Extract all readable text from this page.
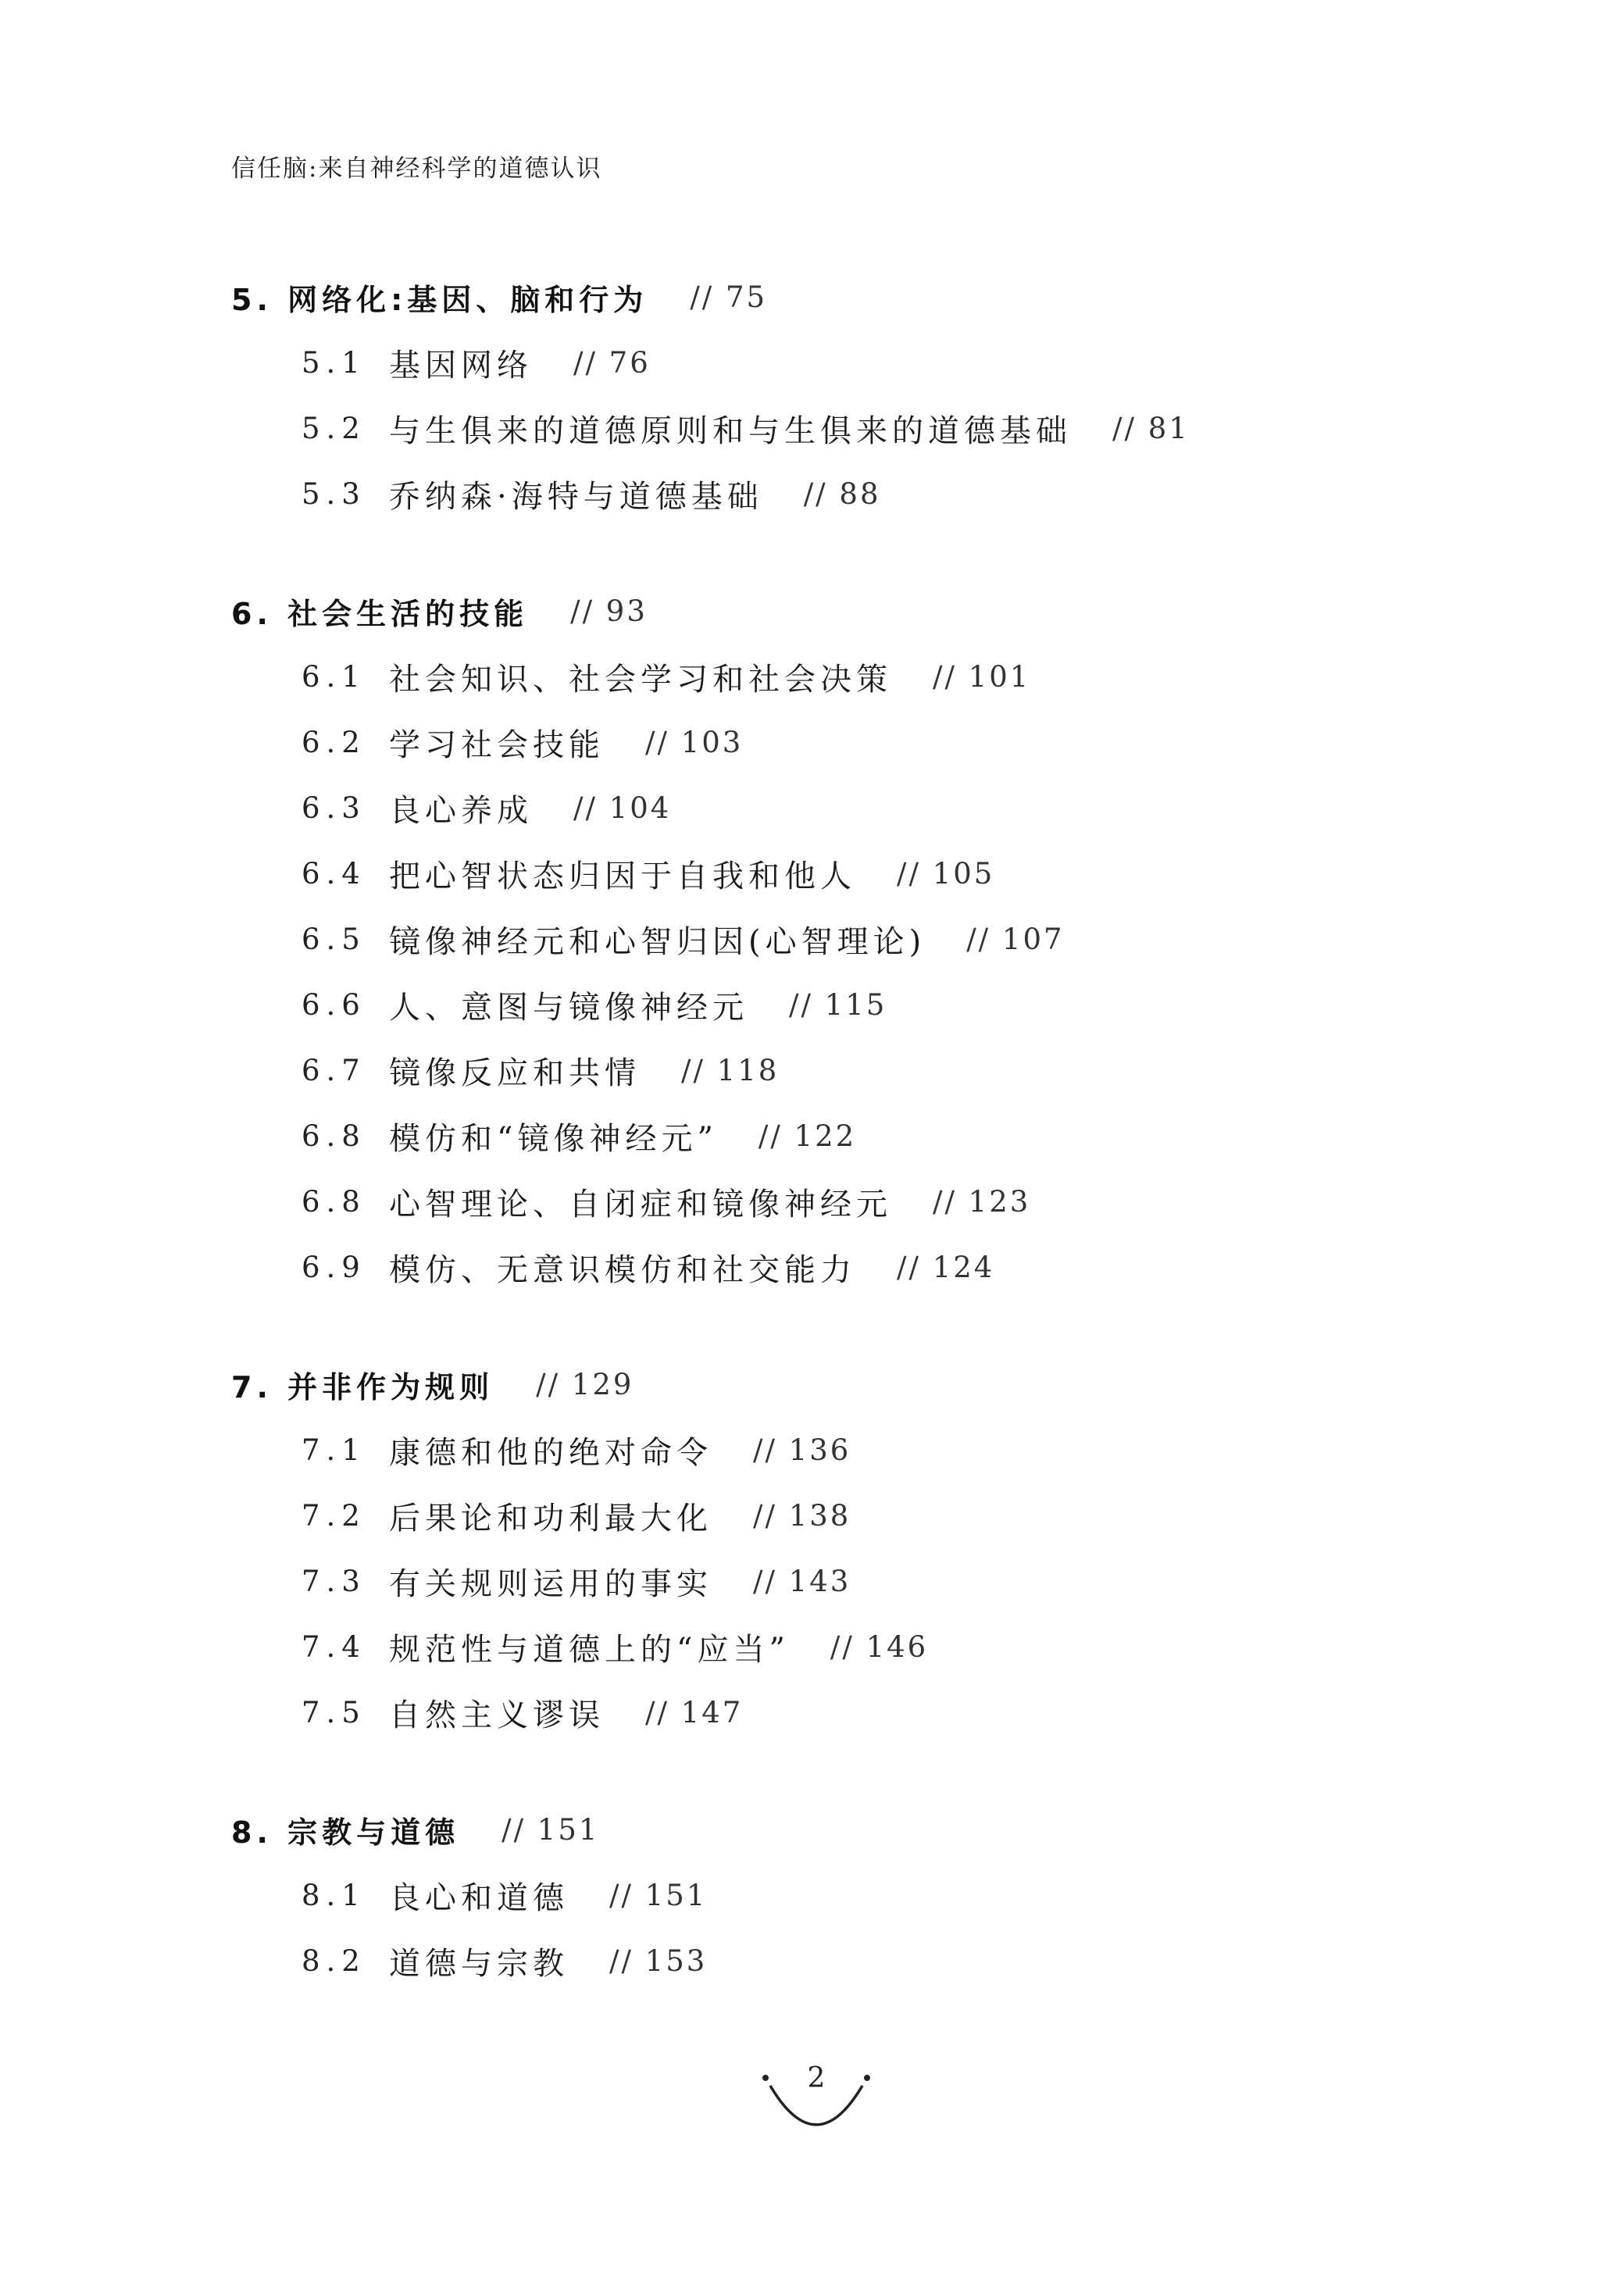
信任脑:来自神经科学的道德认识
5. 网络化:基因、脑和行为 // 75
5.1 基因网络 // 76
5.2 与生俱来的道德原则和与生俱来的道德基础 // 81
5.3 乔纳森·海特与道德基础 // 88
6. 社会生活的技能 // 93
6.1 社会知识、社会学习和社会决策 // 101
6.2 学习社会技能 // 103
6.3 良心养成 // 104
6.4 把心智状态归因于自我和他人 // 105
6.5 镜像神经元和心智归因(心智理论) // 107
6.6 人、意图与镜像神经元 // 115
6.7 镜像反应和共情 // 118
6.8 模仿和“镜像神经元” // 122
6.8 心智理论、自闭症和镜像神经元 // 123
6.9 模仿、无意识模仿和社交能力 // 124
7. 并非作为规则 // 129
7.1 康德和他的绝对命令 // 136
7.2 后果论和功利最大化 // 138
7.3 有关规则运用的事实 // 143
7.4 规范性与道德上的“应当” // 146
7.5 自然主义谬误 // 147
8. 宗教与道德 // 151
8.1 良心和道德 // 151
8.2 道德与宗教 // 153
2
